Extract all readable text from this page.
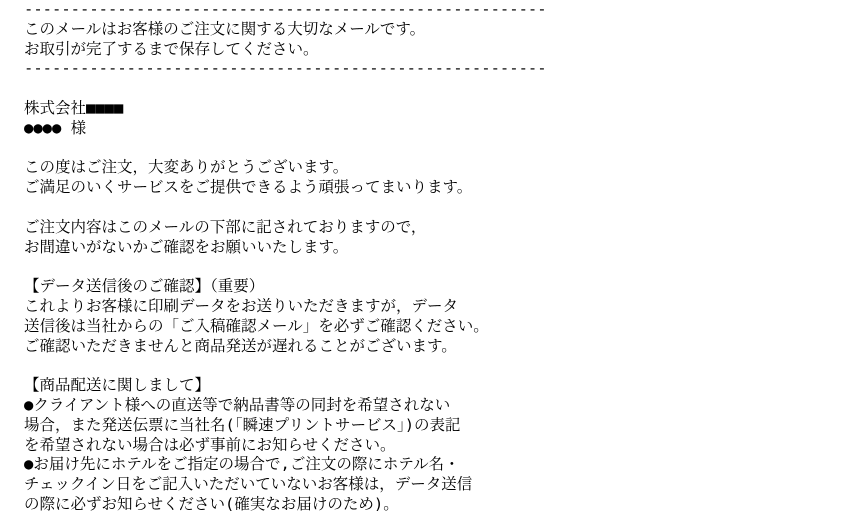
--------------------------------------------------------
このメールはお客様のご注文に関する大切なメールです。
お取引が完了するまで保存してください。
--------------------------------------------------------
株式会社■■■■
●●●● 様
この度はご注文，大変ありがとうございます。
ご満足のいくサービスをご提供できるよう頑張ってまいります。
ご注文内容はこのメールの下部に記されておりますので，
お間違いがないかご確認をお願いいたします。
【データ送信後のご確認】（重要）
これよりお客様に印刷データをお送りいただきますが，データ
送信後は当社からの「ご入稿確認メール」を必ずご確認ください。
ご確認いただきませんと商品発送が遅れることがございます。
【商品配送に関しまして】
●クライアント様への直送等で納品書等の同封を希望されない
場合，また発送伝票に当社名(「瞬速プリントサービス」)の表記
を希望されない場合は必ず事前にお知らせください。
●お届け先にホテルをご指定の場合で,ご注文の際にホテル名・
チェックイン日をご記入いただいていないお客様は，データ送信
の際に必ずお知らせください(確実なお届けのため)。
